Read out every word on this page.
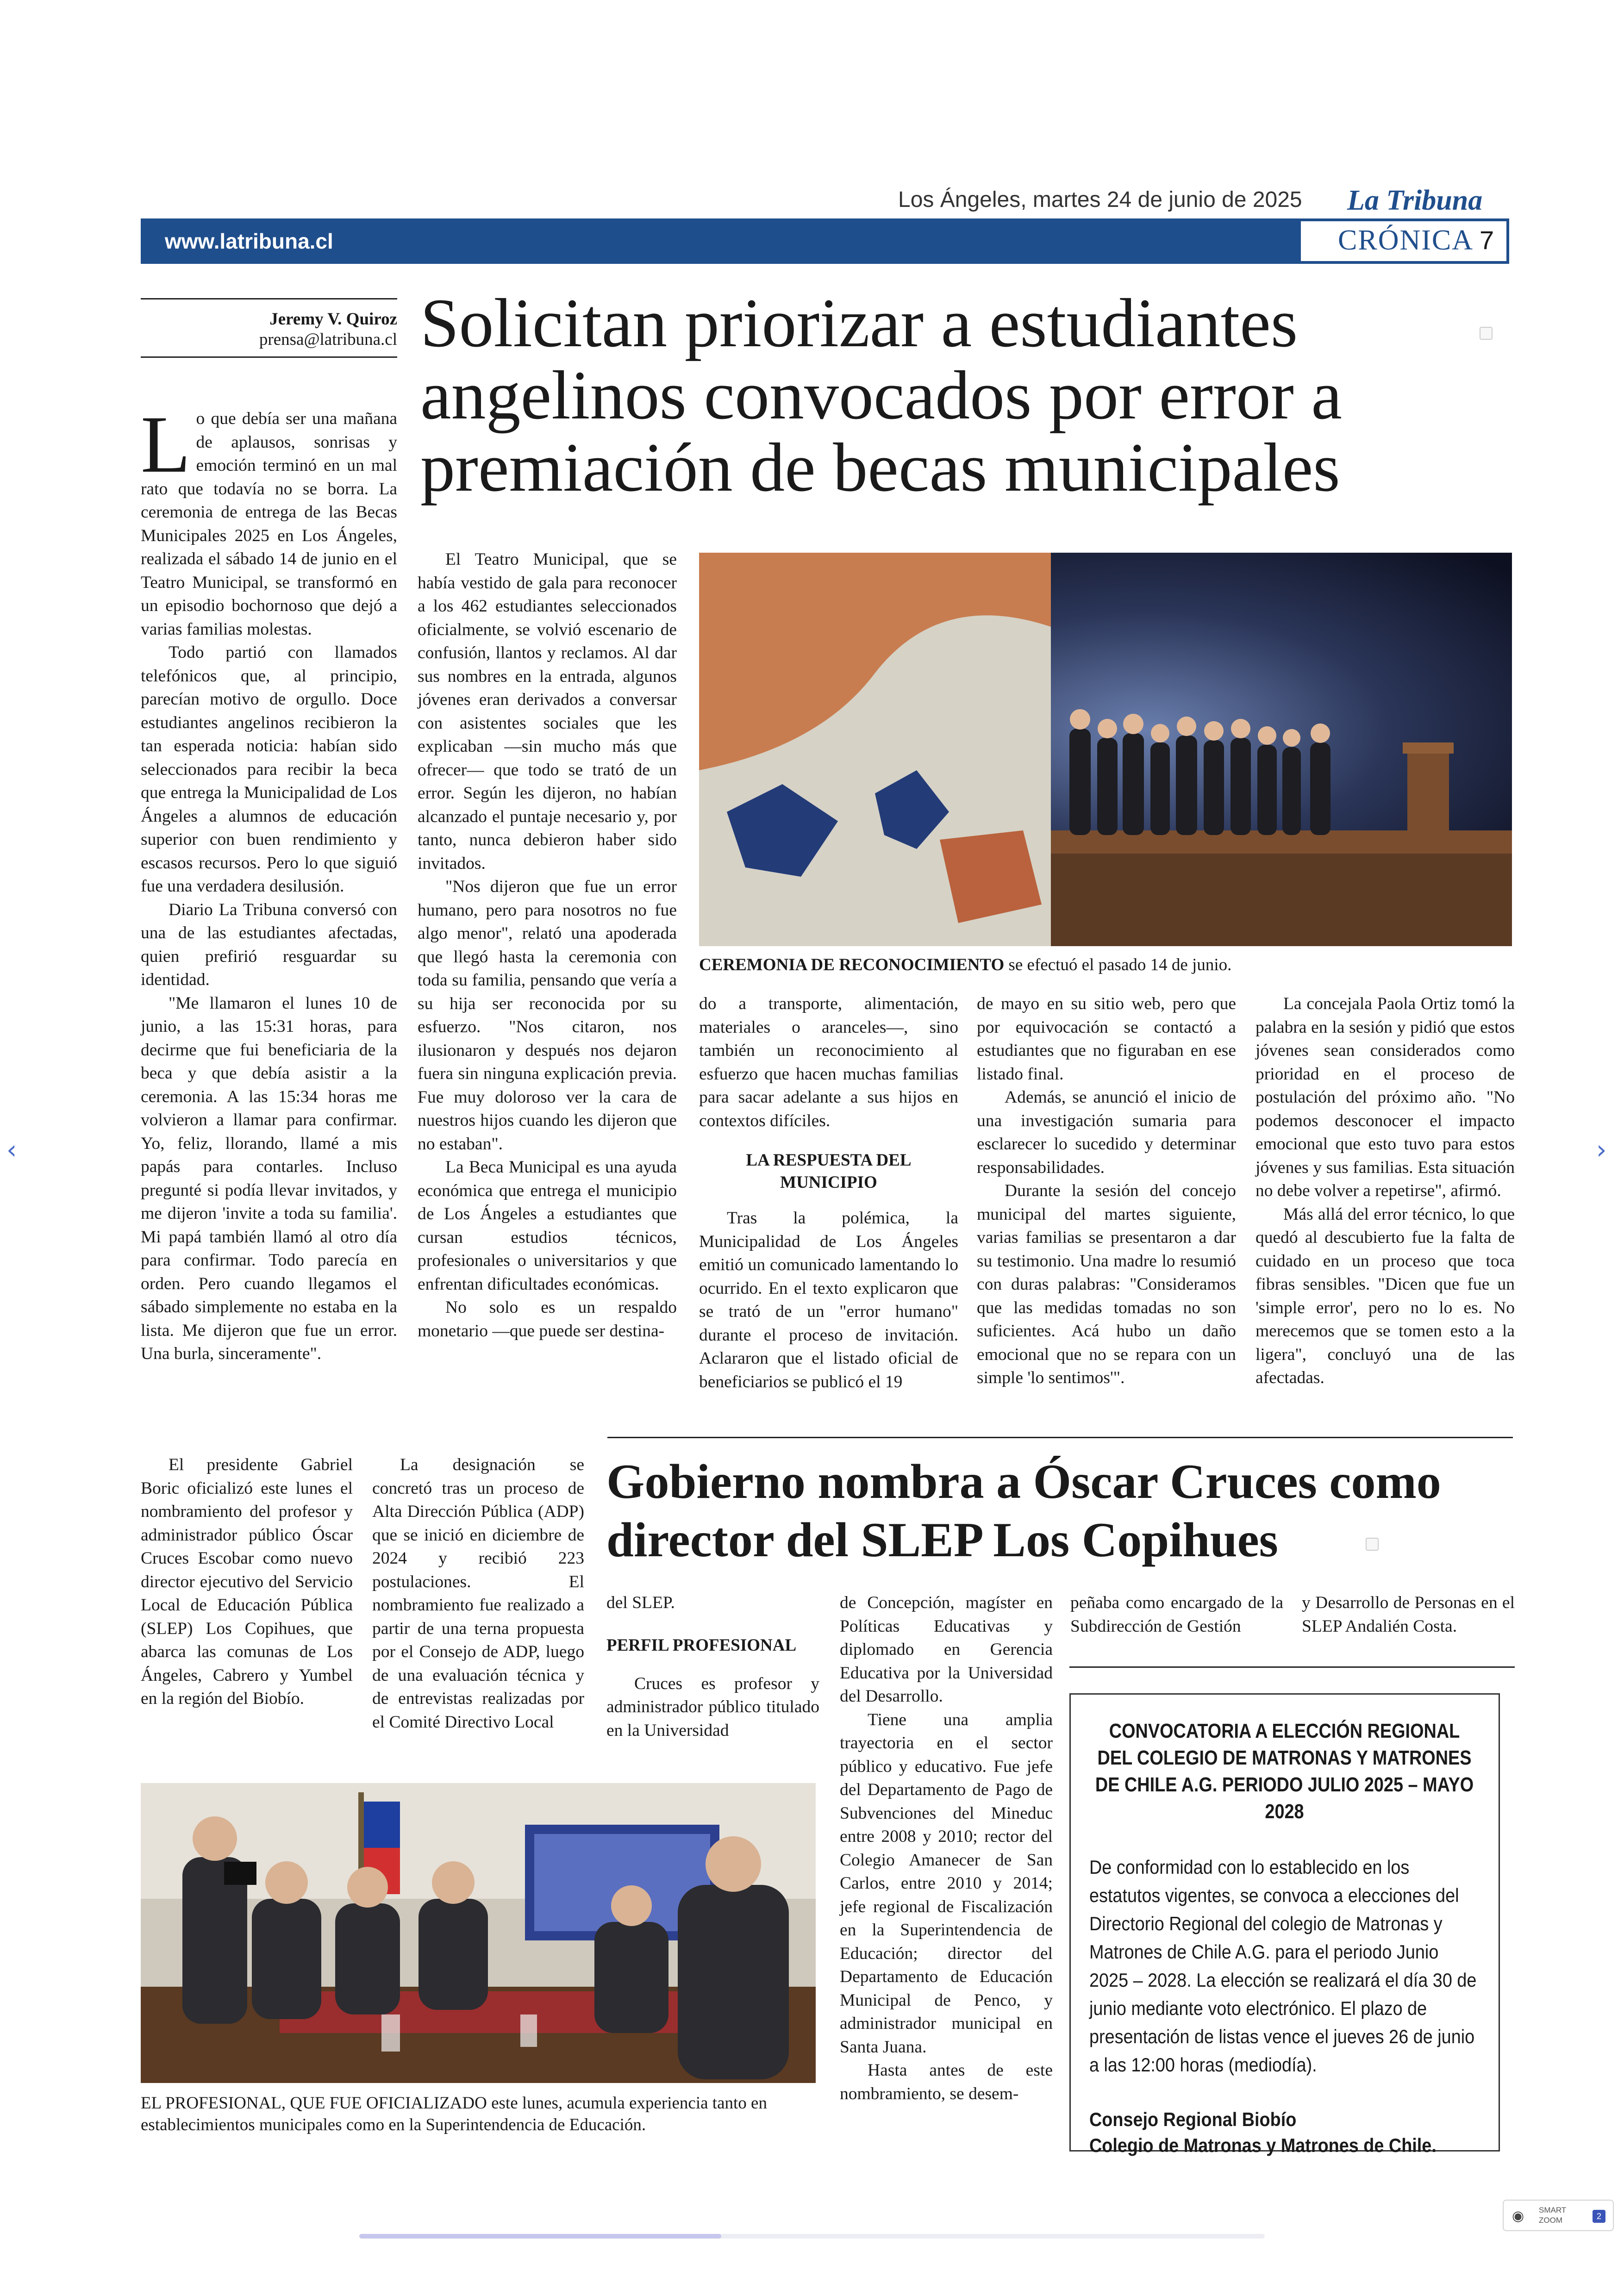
Los Ángeles, martes 24 de junio de 2025 La Tribuna
www.latribuna.cl	CRÓNICA 7
Jeremy V. Quiroz
prensa@latribuna.cl Solicitan priorizar a estudiantes angelinos convocados por error a premiación de becas municipales
L o que debía ser una mañana de aplausos, sonrisas y emoción terminó en un mal rato que todavía no se borra. La ceremonia de entrega de las Becas Municipales 2025 en Los Ángeles, realizada el sábado 14 de junio en el Teatro Municipal, se transformó en un episodio bochornoso que dejó a varias familias molestas.

Todo partió con llamados telefónicos que, al principio, parecían motivo de orgullo. Doce estudiantes angelinos recibieron la tan esperada noticia: habían sido seleccionados para recibir la beca que entrega la Municipalidad de Los Ángeles a alumnos de educación superior con buen rendimiento y escasos recursos. Pero lo que siguió fue una verdadera desilusión.

Diario La Tribuna conversó con una de las estudiantes afectadas, quien prefirió resguardar su identidad.

"Me llamaron el lunes 10 de junio, a las 15:31 horas, para decirme que fui beneficiaria de la beca y que debía asistir a la ceremonia. A las 15:34 horas me volvieron a llamar para confirmar. Yo, feliz, llorando, llamé a mis papás para contarles. Incluso pregunté si podía llevar invitados, y me dijeron 'invite a toda su familia'. Mi papá también llamó al otro día para confirmar. Todo parecía en orden. Pero cuando llegamos el sábado simplemente no estaba en la lista. Me dijeron que fue un error. Una burla, sinceramente".

El Teatro Municipal, que se había vestido de gala para reconocer a los 462 estudiantes seleccionados oficialmente, se volvió escenario de confusión, llantos y reclamos. Al dar sus nombres en la entrada, algunos jóvenes eran derivados a conversar con asistentes sociales que les explicaban —sin mucho más que ofrecer— que todo se trató de un error. Según les dijeron, no habían alcanzado el puntaje necesario y, por tanto, nunca debieron haber sido invitados.

"Nos dijeron que fue un error humano, pero para nosotros no fue algo menor", relató una apoderada que llegó hasta la ceremonia con toda su familia, pensando que vería a su hija ser reconocida por su esfuerzo. "Nos citaron, nos ilusionaron y después nos dejaron fuera sin ninguna explicación previa. Fue muy doloroso ver la cara de nuestros hijos cuando les dijeron que no estaban".

La Beca Municipal es una ayuda económica que entrega el municipio de Los Ángeles a estudiantes que cursan estudios técnicos, profesionales o universitarios y que enfrentan dificultades económicas.

No solo es un respaldo monetario —que puede ser destina-

CEREMONIA DE RECONOCIMIENTO se efectuó el pasado 14 de junio.

do a transporte, alimentación, materiales o aranceles—, sino también un reconocimiento al esfuerzo que hacen muchas familias para sacar adelante a sus hijos en contextos difíciles.

LA RESPUESTA DEL MUNICIPIO

Tras la polémica, la Municipalidad de Los Ángeles emitió un comunicado lamentando lo ocurrido. En el texto explicaron que se trató de un "error humano" durante el proceso de invitación. Aclararon que el listado oficial de beneficiarios se publicó el 19

de mayo en su sitio web, pero que por equivocación se contactó a estudiantes que no figuraban en ese listado final.

Además, se anunció el inicio de una investigación sumaria para esclarecer lo sucedido y determinar responsabilidades.

Durante la sesión del concejo municipal del martes siguiente, varias familias se presentaron a dar su testimonio. Una madre lo resumió con duras palabras: "Consideramos que las medidas tomadas no son suficientes. Acá hubo un daño emocional que no se repara con un simple 'lo sentimos'".

La concejala Paola Ortiz tomó la palabra en la sesión y pidió que estos jóvenes sean considerados como prioridad en el proceso de postulación del próximo año. "No podemos desconocer el impacto emocional que esto tuvo para estos jóvenes y sus familias. Esta situación no debe volver a repetirse", afirmó.

Más allá del error técnico, lo que quedó al descubierto fue la falta de cuidado en un proceso que toca fibras sensibles. "Dicen que fue un 'simple error', pero no lo es. No merecemos que se tomen esto a la ligera", concluyó una de las afectadas.

El presidente Gabriel Boric oficializó este lunes el nombramiento del profesor y administrador público Óscar Cruces Escobar como nuevo director ejecutivo del Servicio Local de Educación Pública (SLEP) Los Copihues, que abarca las comunas de Los Ángeles, Cabrero y Yumbel en la región del Biobío.

La designación se concretó tras un proceso de Alta Dirección Pública (ADP) que se inició en diciembre de 2024 y recibió 223 postulaciones. El nombramiento fue realizado a partir de una terna propuesta por el Consejo de ADP, luego de una evaluación técnica y de entrevistas realizadas por el Comité Directivo Local

Gobierno nombra a Óscar Cruces como director del SLEP Los Copihues

del SLEP.

PERFIL PROFESIONAL

Cruces es profesor y administrador público titulado en la Universidad

de Concepción, magíster en Políticas Educativas y diplomado en Gerencia Educativa por la Universidad del Desarrollo.

Tiene una amplia trayectoria en el sector público y educativo. Fue jefe del Departamento de Pago de Subvenciones del Mineduc entre 2008 y 2010; rector del Colegio Amanecer de San Carlos, entre 2010 y 2014; jefe regional de Fiscalización en la Superintendencia de Educación; director del Departamento de Educación Municipal de Penco, y administrador municipal en Santa Juana.

Hasta antes de este nombramiento, se desem-

peñaba como encargado de la Subdirección de Gestión

y Desarrollo de Personas en el SLEP Andalién Costa.

EL PROFESIONAL, QUE FUE OFICIALIZADO este lunes, acumula experiencia tanto en establecimientos municipales como en la Superintendencia de Educación.
CONVOCATORIA A ELECCIÓN REGIONAL DEL COLEGIO DE MATRONAS Y MATRONES DE CHILE A.G. PERIODO JULIO 2025 – MAYO 2028
De conformidad con lo establecido en los estatutos vigentes, se convoca a elecciones del Directorio Regional del colegio de Matronas y Matrones de Chile A.G. para el periodo Junio 2025 – 2028. La elección se realizará el día 30 de junio mediante voto electrónico. El plazo de presentación de listas vence el jueves 26 de junio a las 12:00 horas (mediodía).
Consejo Regional Biobío
Colegio de Matronas y Matrones de Chile.
‹	›
◉ SMART ZOOM	2
